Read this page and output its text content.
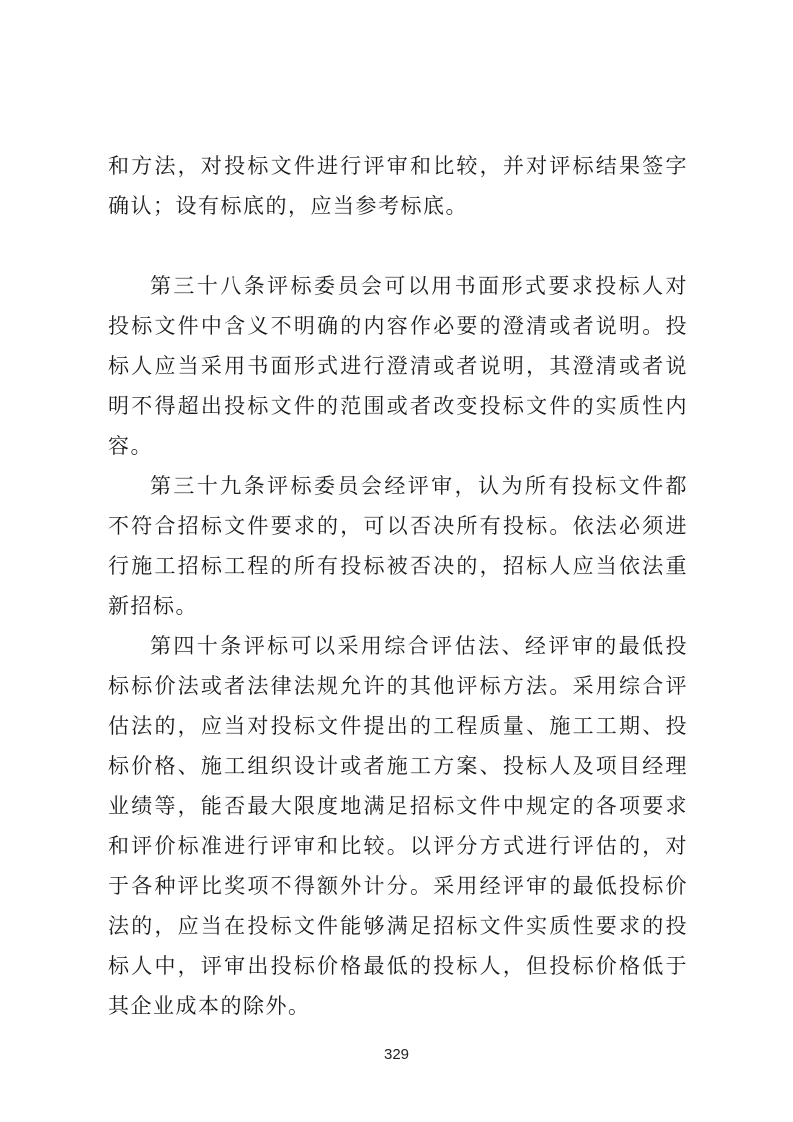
和方法，对投标文件进行评审和比较，并对评标结果签字确认；设有标底的，应当参考标底。

第三十八条评标委员会可以用书面形式要求投标人对投标文件中含义不明确的内容作必要的澄清或者说明。投标人应当采用书面形式进行澄清或者说明，其澄清或者说明不得超出投标文件的范围或者改变投标文件的实质性内容。

第三十九条评标委员会经评审，认为所有投标文件都不符合招标文件要求的，可以否决所有投标。依法必须进行施工招标工程的所有投标被否决的，招标人应当依法重新招标。

第四十条评标可以采用综合评估法、经评审的最低投标标价法或者法律法规允许的其他评标方法。采用综合评估法的，应当对投标文件提出的工程质量、施工工期、投标价格、施工组织设计或者施工方案、投标人及项目经理业绩等，能否最大限度地满足招标文件中规定的各项要求和评价标准进行评审和比较。以评分方式进行评估的，对于各种评比奖项不得额外计分。采用经评审的最低投标价法的，应当在投标文件能够满足招标文件实质性要求的投标人中，评审出投标价格最低的投标人，但投标价格低于其企业成本的除外。

329
